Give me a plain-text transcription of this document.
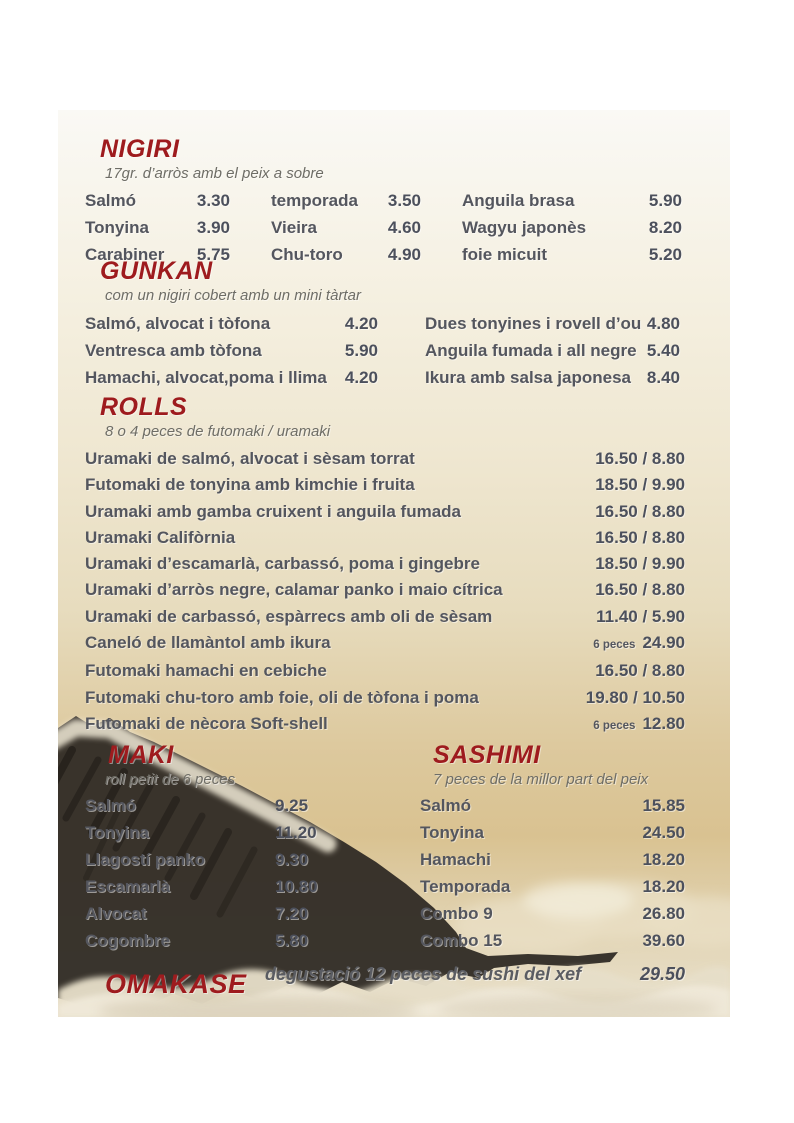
NIGIRI
17gr. d’arròs amb el peix a sobre
Salmó	3.30 temporada 3.50 Anguila brasa	5.90
Tonyina	3.90 Vieira	4.60 Wagyu japonès	8.20
Carabiner 5.75 Chu-toro	4.90 foie micuit	5.20
GUNKAN
com un nigiri cobert amb un mini tàrtar
Salmó, alvocat i tòfona	4.20	Dues tonyines i rovell d’ou 4.80
Ventresca amb tòfona	5.90	Anguila fumada i all negre 5.40
Hamachi, alvocat,poma i llima 4.20	Ikura amb salsa japonesa 8.40
ROLLS
8 o 4 peces de futomaki / uramaki
Uramaki de salmó, alvocat i sèsam torrat	16.50 / 8.80
Futomaki de tonyina amb kimchie i fruita	18.50 / 9.90
Uramaki amb gamba cruixent i anguila fumada	16.50 / 8.80
Uramaki Califòrnia	16.50 / 8.80
Uramaki d’escamarlà, carbassó, poma i gingebre	18.50 / 9.90
Uramaki d’arròs negre, calamar panko i maio cítrica	16.50 / 8.80
Uramaki de carbassó, espàrrecs amb oli de sèsam	11.40 / 5.90
Caneló de llamàntol amb ikura	6 peces 24.90
Futomaki hamachi en cebiche	16.50 / 8.80
Futomaki chu-toro amb foie, oli de tòfona i poma	19.80 / 10.50
Futomaki de nècora Soft-shell	6 peces 12.80
MAKI
roll petit de 6 peces
Salmó	9.25
Tonyina	11.20
Llagostí panko	9.30
Escamarlà	10.80
Alvocat	7.20
Cogombre	5.80
SASHIMI
7 peces de la millor part del peix
Salmó	15.85
Tonyina	24.50
Hamachi	18.20
Temporada	18.20
Combo 9	26.80
Combo 15	39.60
OMAKASE degustació 12 peces de sushi del xef	29.50
